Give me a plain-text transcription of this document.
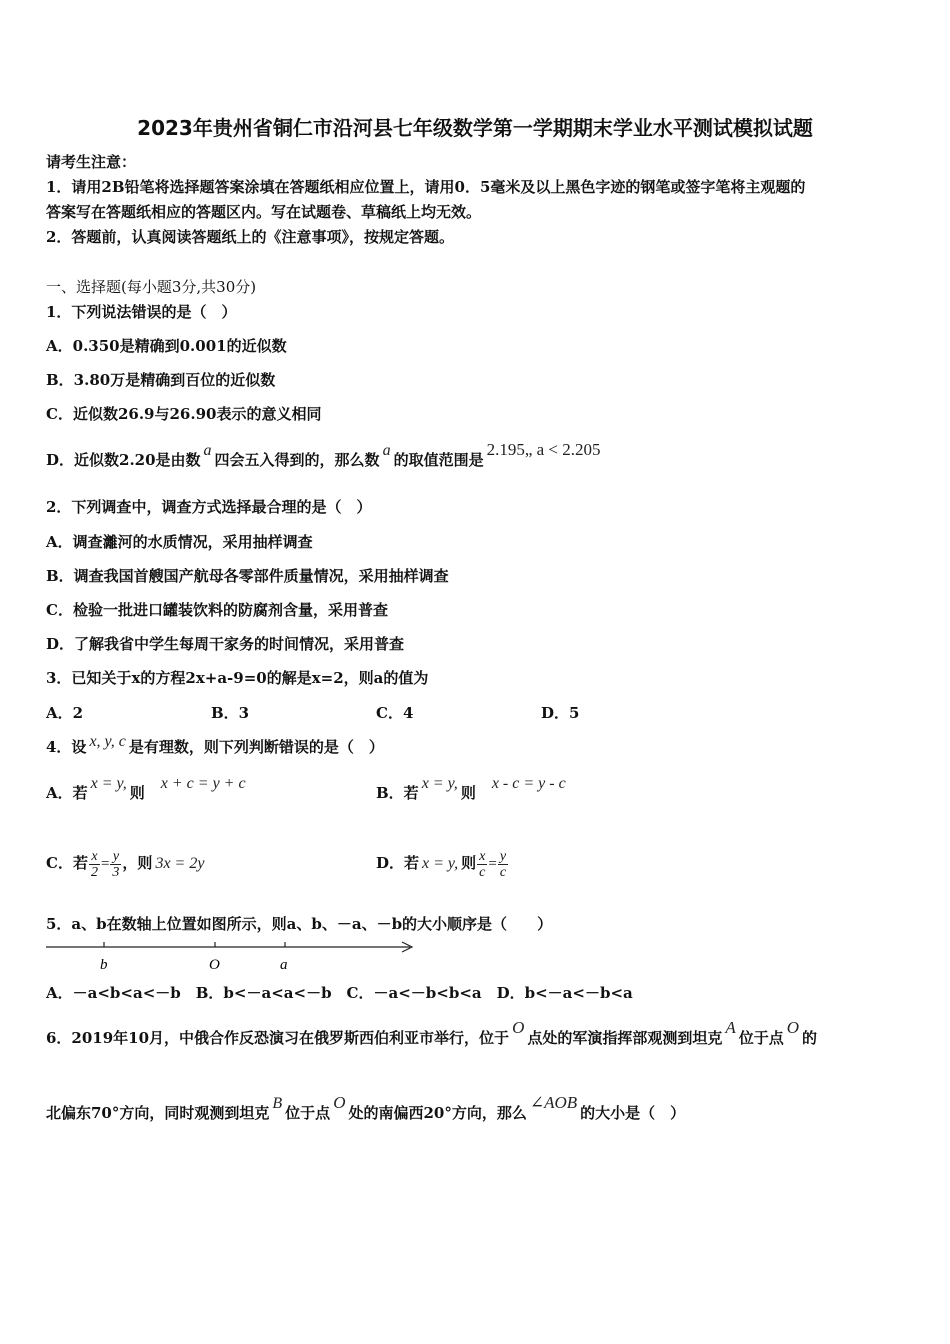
2023年贵州省铜仁市沿河县七年级数学第一学期期末学业水平测试模拟试题
请考生注意：
1．请用2B铅笔将选择题答案涂填在答题纸相应位置上，请用0．5毫米及以上黑色字迹的钢笔或签字笔将主观题的
答案写在答题纸相应的答题区内。写在试题卷、草稿纸上均无效。
2．答题前，认真阅读答题纸上的《注意事项》，按规定答题。
一、选择题(每小题3分,共30分)
1．下列说法错误的是（　）
A．0.350是精确到0.001的近似数
B．3.80万是精确到百位的近似数
C．近似数26.9与26.90表示的意义相同
D．近似数2.20是由数a四会五入得到的，那么数a的取值范围是2.195„ a < 2.205
2．下列调查中，调查方式选择最合理的是（　）
A．调查灕河的水质情况，采用抽样调查
B．调查我国首艘国产航母各零部件质量情况，采用抽样调查
C．检验一批进口罐装饮料的防腐剂含量，采用普查
D．了解我省中学生每周干家务的时间情况，采用普查
3．已知关于x的方程2x+a-9=0的解是x=2，则a的值为
A．2	B．3	C．4	D．5
4．设 x, y, c 是有理数，则下列判断错误的是（　）
A．若x = y,则x + c = y + c
B．若x = y,则x - c = y - c
C．若 $\frac{x}{2} = \frac{y}{3}$ ，则 3x = 2y	D．若 x = y, 则 $\frac{x}{c} = \frac{y}{c}$
5．a、b在数轴上位置如图所示，则a、b、－a、－b的大小顺序是（　　）
b	O	a
A．－a<b<a<－b　B．b<－a<a<－b　C．－a<－b<b<a　D．b<－a<－b<a
6．2019年10月，中俄合作反恐演习在俄罗斯西伯利亚市举行，位于O点处的军演指挥部观测到坦克A位于点O的
北偏东70°方向，同时观测到坦克B位于点O处的南偏西20°方向，那么∠AOB的大小是（　）
